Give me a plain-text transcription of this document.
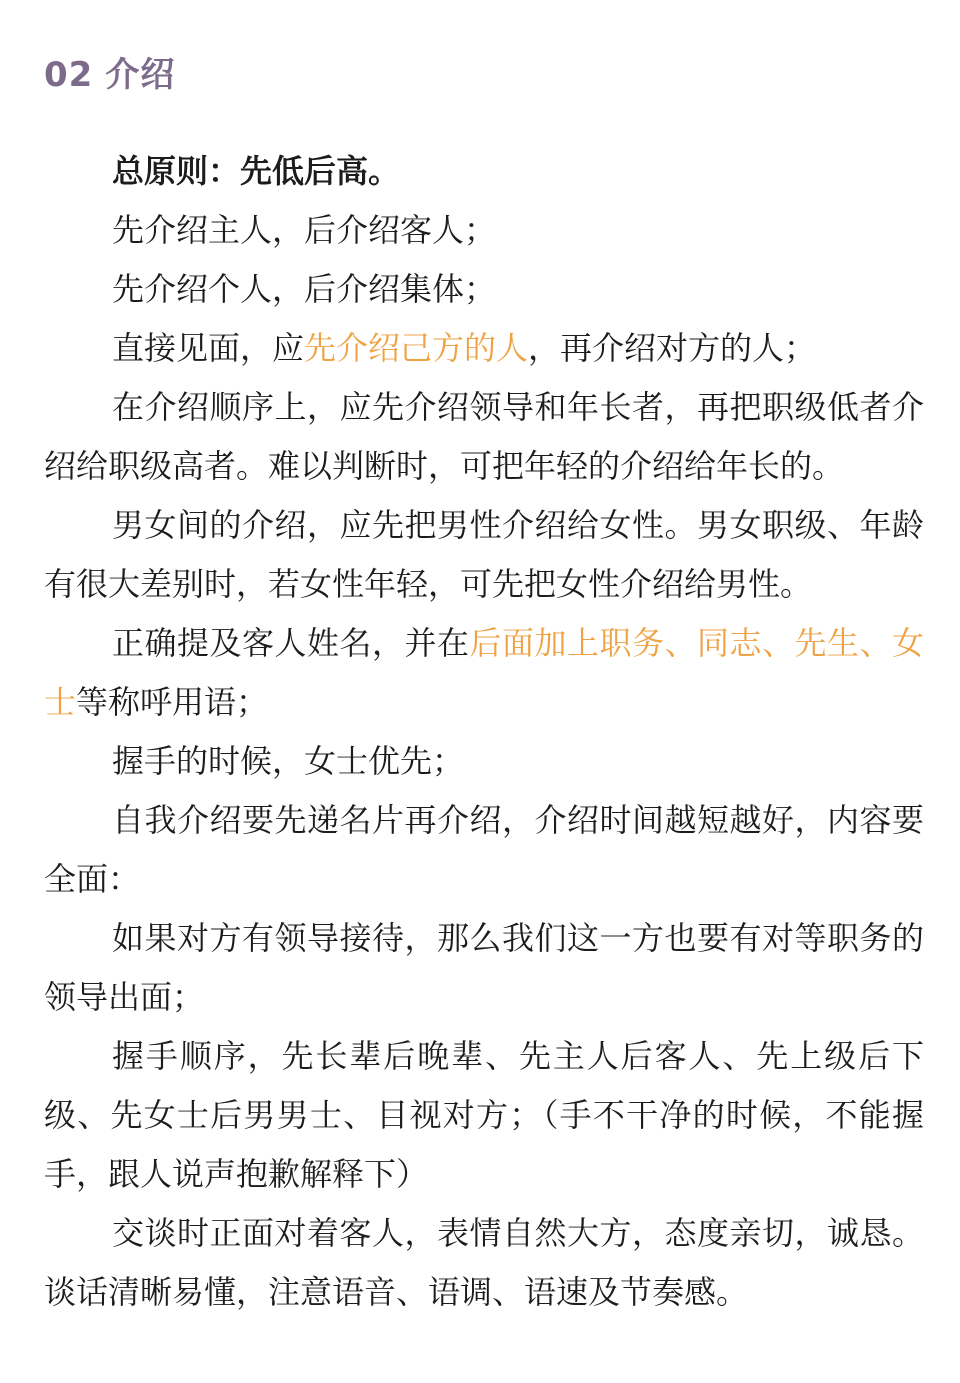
02 介绍

总原则：先低后高。

先介绍主人，后介绍客人；

先介绍个人，后介绍集体；

直接见面，应先介绍己方的人，再介绍对方的人；

在介绍顺序上，应先介绍领导和年长者，再把职级低者介绍给职级高者。难以判断时，可把年轻的介绍给年长的。

男女间的介绍，应先把男性介绍给女性。男女职级、年龄有很大差别时，若女性年轻，可先把女性介绍给男性。

正确提及客人姓名，并在后面加上职务、同志、先生、女士等称呼用语；

握手的时候，女士优先；

自我介绍要先递名片再介绍，介绍时间越短越好，内容要全面：

如果对方有领导接待，那么我们这一方也要有对等职务的领导出面；

握手顺序，先长辈后晚辈、先主人后客人、先上级后下级、先女士后男男士、目视对方；（手不干净的时候，不能握手，跟人说声抱歉解释下）

交谈时正面对着客人，表情自然大方，态度亲切，诚恳。谈话清晰易懂，注意语音、语调、语速及节奏感。
